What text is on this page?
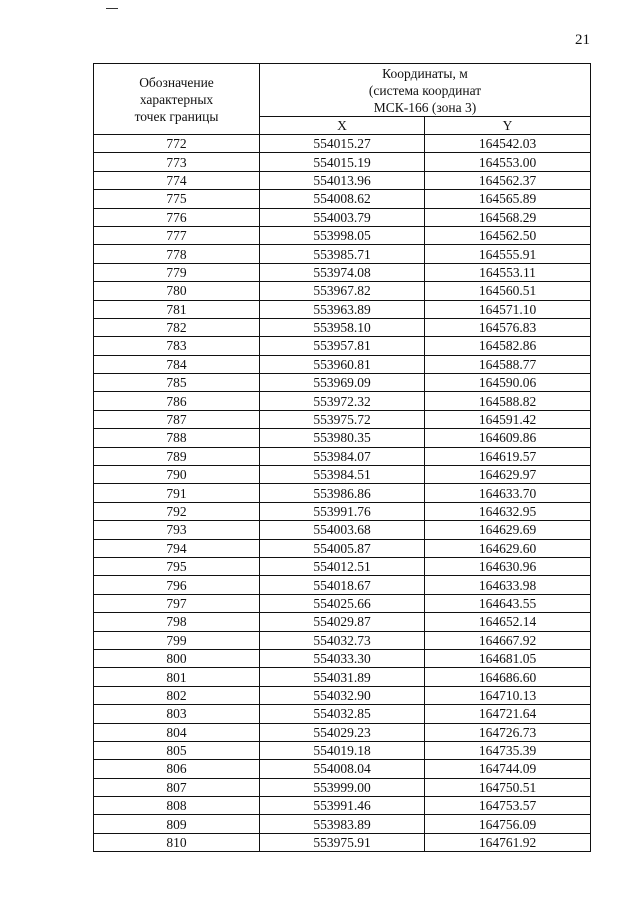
21
Обозначение
характерных
точек границы	Координаты, м
(система координат
МСК-166 (зона 3)	

	X	Y
772	554015.27	164542.03
773	554015.19	164553.00
774	554013.96	164562.37
775	554008.62	164565.89
776	554003.79	164568.29
777	553998.05	164562.50
778	553985.71	164555.91
779	553974.08	164553.11
780	553967.82	164560.51
781	553963.89	164571.10
782	553958.10	164576.83
783	553957.81	164582.86
784	553960.81	164588.77
785	553969.09	164590.06
786	553972.32	164588.82
787	553975.72	164591.42
788	553980.35	164609.86
789	553984.07	164619.57
790	553984.51	164629.97
791	553986.86	164633.70
792	553991.76	164632.95
793	554003.68	164629.69
794	554005.87	164629.60
795	554012.51	164630.96
796	554018.67	164633.98
797	554025.66	164643.55
798	554029.87	164652.14
799	554032.73	164667.92
800	554033.30	164681.05
801	554031.89	164686.60
802	554032.90	164710.13
803	554032.85	164721.64
804	554029.23	164726.73
805	554019.18	164735.39
806	554008.04	164744.09
807	553999.00	164750.51
808	553991.46	164753.57
809	553983.89	164756.09
810	553975.91	164761.92
